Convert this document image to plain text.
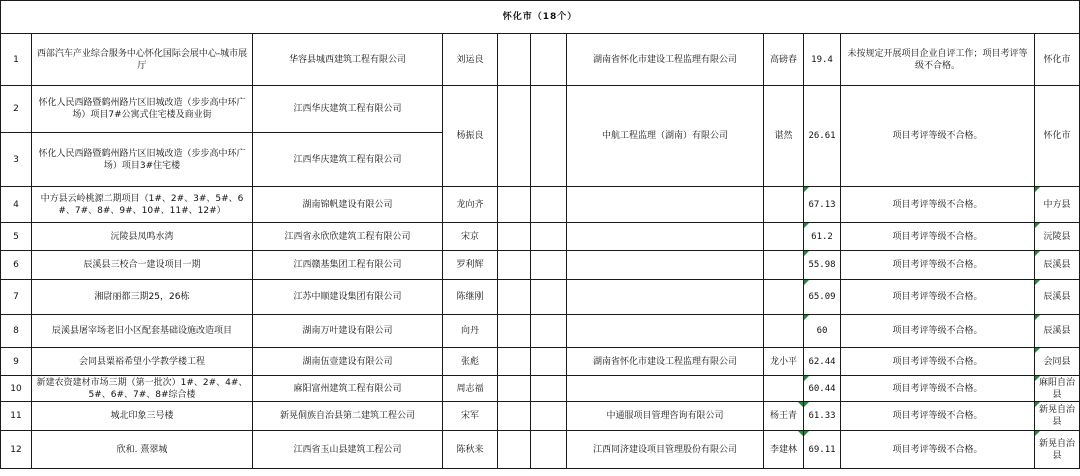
怀化市（18个）										
1	西部汽车产业综合服务中心怀化国际会展中心-城市展厅	华容县城西建筑工程有限公司	刘运良			湖南省怀化市建设工程监理有限公司	高磅春	19.4	未按规定开展项目企业自评工作；项目考评等级不合格。	怀化市
2	怀化人民西路暨鹤州路片区旧城改造（步步高中环广场）项目7#公寓式住宅楼及商业街	江西华庆建筑工程有限公司	杨振良			中航工程监理（湖南）有限公司	谌然	26.61	项目考评等级不合格。	怀化市
3	怀化人民西路暨鹤州路片区旧城改造（步步高中环广场）项目3#住宅楼	江西华庆建筑工程有限公司								
4	中方县云岭桃源二期项目（1#、2#、3#、5#、6#、7#、8#、9#、10#、11#、12#）	湖南锦帆建设有限公司	龙向齐					67.13	项目考评等级不合格。	中方县
5	沅陵县凤鸣水湾	江西省永欣欣建筑工程有限公司	宋京					61.2	项目考评等级不合格。	沅陵县
6	辰溪县三校合一建设项目一期	江西赣基集团工程有限公司	罗利辉					55.98	项目考评等级不合格。	辰溪县
7	湘尉丽都三期25，26栋	江苏中顺建设集团有限公司	陈继刚					65.09	项目考评等级不合格。	辰溪县
8	辰溪县屠宰场老旧小区配套基础设施改造项目	湖南万叶建设有限公司	向丹					60	项目考评等级不合格。	辰溪县
9	会同县粟裕希望小学教学楼工程	湖南伍壹建设有限公司	张彪			湖南省怀化市建设工程监理有限公司	龙小平	62.44	项目考评等级不合格。	会同县
10	新建农资建材市场三期（第一批次）1#、2#、4#、5#、6#、7#、8#综合楼	麻阳富州建筑工程有限公司	周志福					60.44	项目考评等级不合格。	麻阳自治县
11	城北印象三号楼	新晃侗族自治县第二建筑工程公司	宋军			中通服项目管理咨询有限公司	杨王青	61.33	项目考评等级不合格。	新晃自治县
12	欣和. 熹翠城	江西省玉山县建筑工程公司	陈秋来			江西同济建设项目管理股份有限公司	李建林	69.11	项目考评等级不合格。	新晃自治县
